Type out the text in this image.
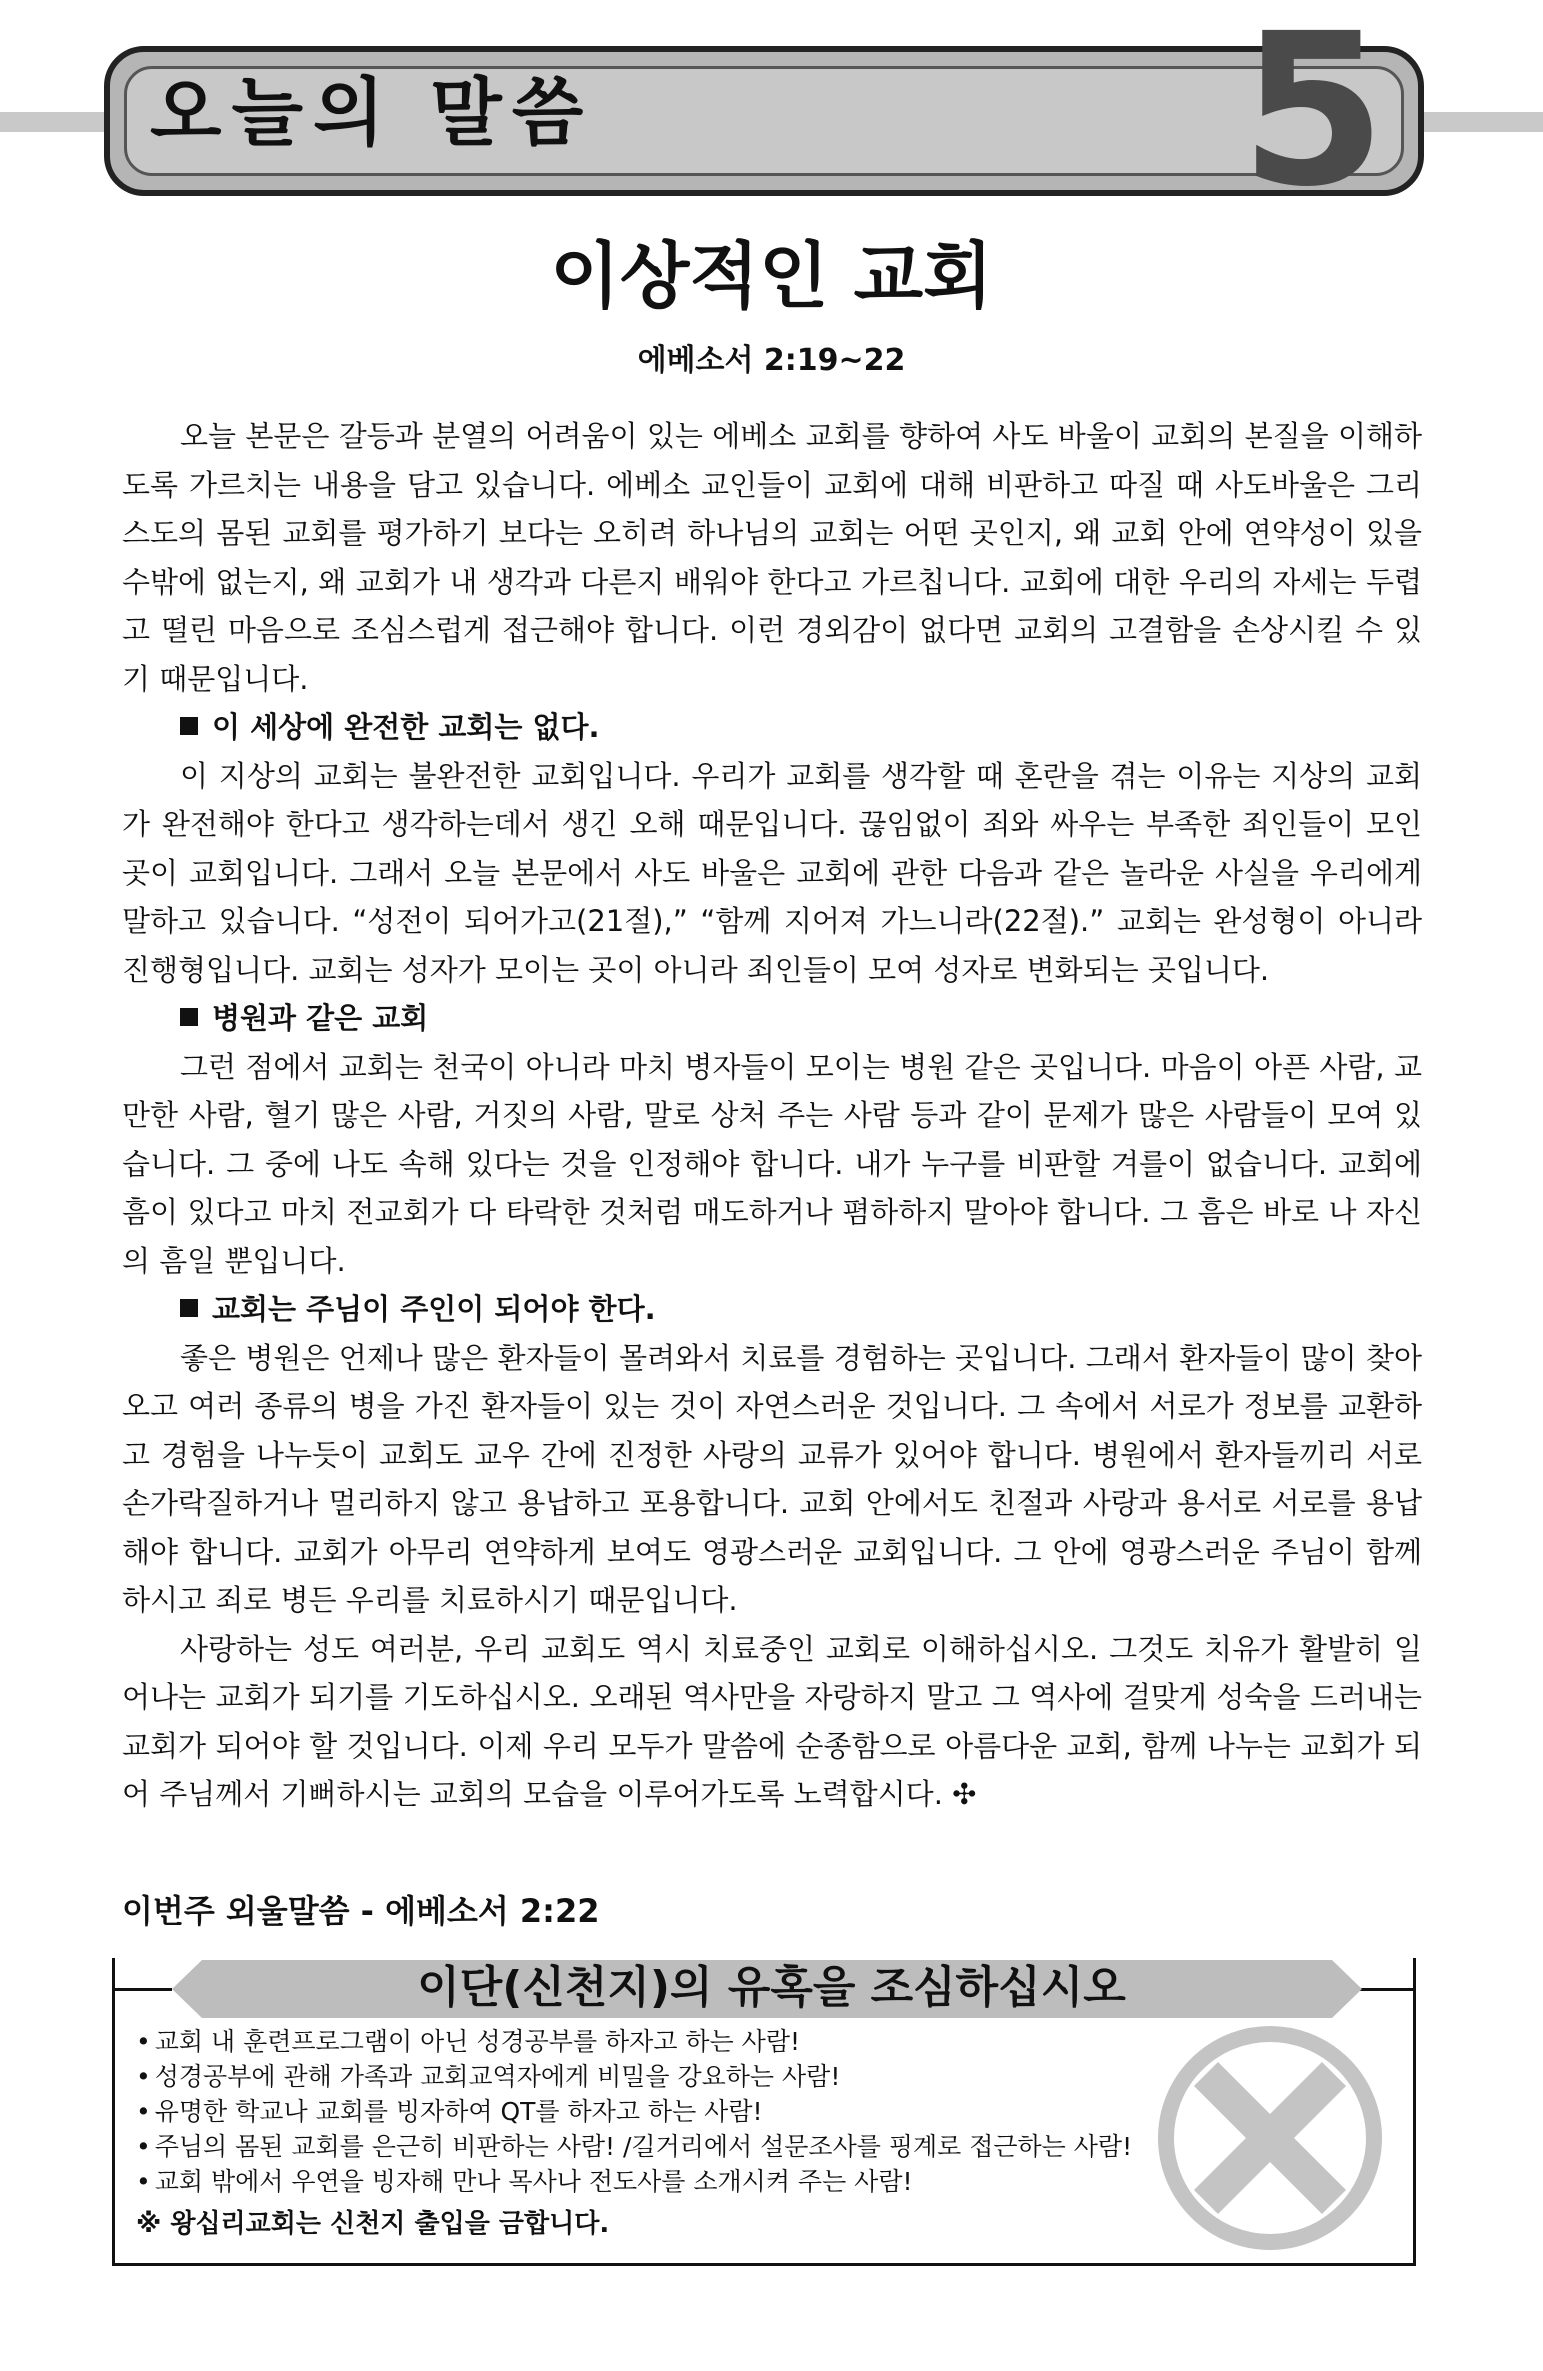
오늘의 말씀	5
이상적인 교회
에베소서 2:19~22

오늘 본문은 갈등과 분열의 어려움이 있는 에베소 교회를 향하여 사도 바울이 교회의 본질을 이해하도록 가르치는 내용을 담고 있습니다. 에베소 교인들이 교회에 대해 비판하고 따질 때 사도바울은 그리스도의 몸된 교회를 평가하기 보다는 오히려 하나님의 교회는 어떤 곳인지, 왜 교회 안에 연약성이 있을 수밖에 없는지, 왜 교회가 내 생각과 다른지 배워야 한다고 가르칩니다. 교회에 대한 우리의 자세는 두렵고 떨린 마음으로 조심스럽게 접근해야 합니다. 이런 경외감이 없다면 교회의 고결함을 손상시킬 수 있기 때문입니다.

이 세상에 완전한 교회는 없다.

이 지상의 교회는 불완전한 교회입니다. 우리가 교회를 생각할 때 혼란을 겪는 이유는 지상의 교회가 완전해야 한다고 생각하는데서 생긴 오해 때문입니다. 끊임없이 죄와 싸우는 부족한 죄인들이 모인 곳이 교회입니다. 그래서 오늘 본문에서 사도 바울은 교회에 관한 다음과 같은 놀라운 사실을 우리에게 말하고 있습니다. “성전이 되어가고(21절),” “함께 지어져 가느니라(22절).” 교회는 완성형이 아니라 진행형입니다. 교회는 성자가 모이는 곳이 아니라 죄인들이 모여 성자로 변화되는 곳입니다.

병원과 같은 교회

그런 점에서 교회는 천국이 아니라 마치 병자들이 모이는 병원 같은 곳입니다. 마음이 아픈 사람, 교만한 사람, 혈기 많은 사람, 거짓의 사람, 말로 상처 주는 사람 등과 같이 문제가 많은 사람들이 모여 있습니다. 그 중에 나도 속해 있다는 것을 인정해야 합니다. 내가 누구를 비판할 겨를이 없습니다. 교회에 흠이 있다고 마치 전교회가 다 타락한 것처럼 매도하거나 폄하하지 말아야 합니다. 그 흠은 바로 나 자신의 흠일 뿐입니다.

교회는 주님이 주인이 되어야 한다.

좋은 병원은 언제나 많은 환자들이 몰려와서 치료를 경험하는 곳입니다. 그래서 환자들이 많이 찾아오고 여러 종류의 병을 가진 환자들이 있는 것이 자연스러운 것입니다. 그 속에서 서로가 정보를 교환하고 경험을 나누듯이 교회도 교우 간에 진정한 사랑의 교류가 있어야 합니다. 병원에서 환자들끼리 서로 손가락질하거나 멀리하지 않고 용납하고 포용합니다. 교회 안에서도 친절과 사랑과 용서로 서로를 용납해야 합니다. 교회가 아무리 연약하게 보여도 영광스러운 교회입니다. 그 안에 영광스러운 주님이 함께 하시고 죄로 병든 우리를 치료하시기 때문입니다.

사랑하는 성도 여러분, 우리 교회도 역시 치료중인 교회로 이해하십시오. 그것도 치유가 활발히 일어나는 교회가 되기를 기도하십시오. 오래된 역사만을 자랑하지 말고 그 역사에 걸맞게 성숙을 드러내는 교회가 되어야 할 것입니다. 이제 우리 모두가 말씀에 순종함으로 아름다운 교회, 함께 나누는 교회가 되어 주님께서 기뻐하시는 교회의 모습을 이루어가도록 노력합시다. ✣

이번주 외울말씀 - 에베소서 2:22
이단(신천지)의 유혹을 조심하십시오
• 교회 내 훈련프로그램이 아닌 성경공부를 하자고 하는 사람!
• 성경공부에 관해 가족과 교회교역자에게 비밀을 강요하는 사람!
• 유명한 학교나 교회를 빙자하여 QT를 하자고 하는 사람!
• 주님의 몸된 교회를 은근히 비판하는 사람! /길거리에서 설문조사를 핑계로 접근하는 사람!
• 교회 밖에서 우연을 빙자해 만나 목사나 전도사를 소개시켜 주는 사람!
※ 왕십리교회는 신천지 출입을 금합니다.
